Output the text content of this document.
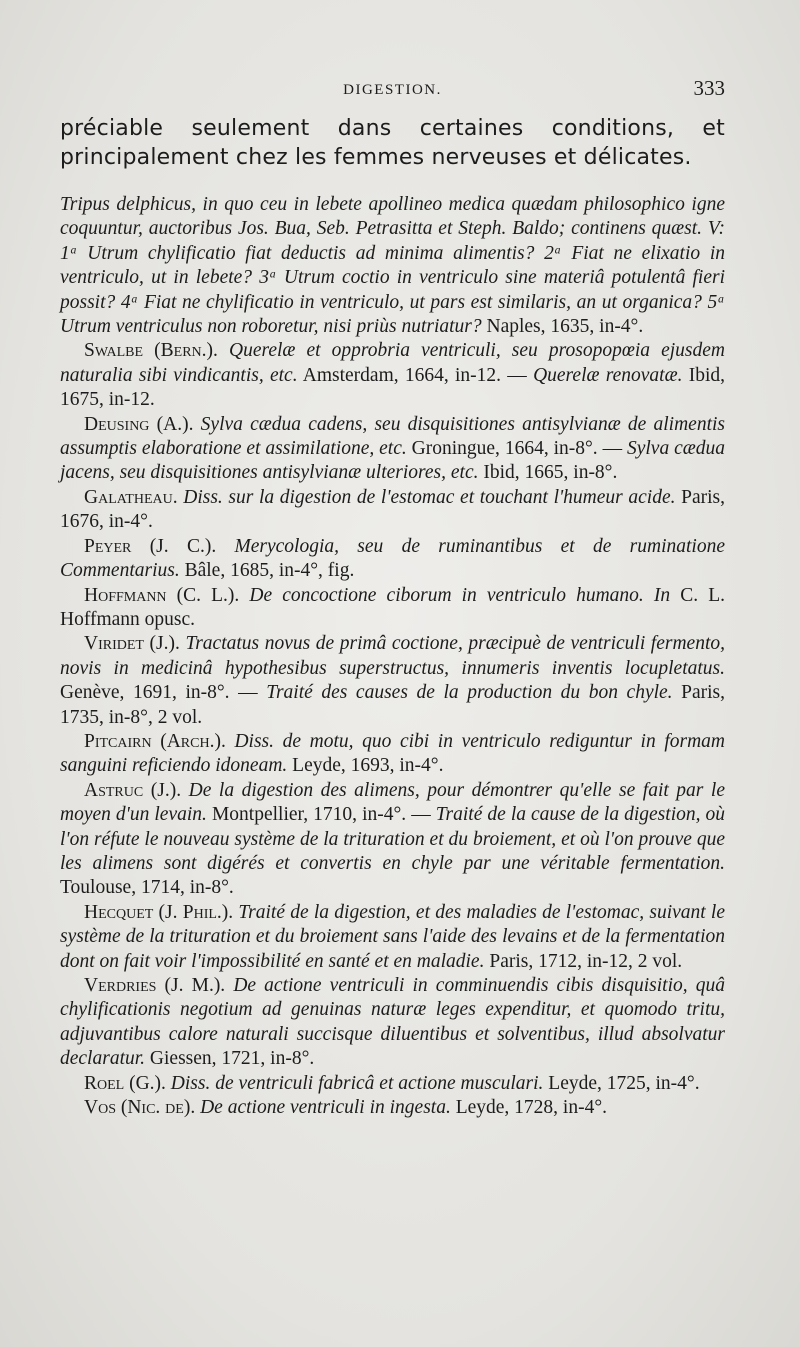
DIGESTION.	333

préciable seulement dans certaines conditions, et principalement chez les femmes nerveuses et délicates.

Tripus delphicus, in quo ceu in lebete apollineo medica quædam philosophico igne coquuntur, auctoribus Jos. Bua, Seb. Petrasitta et Steph. Baldo; continens quæst. V: 1ᵃ Utrum chylificatio fiat deductis ad minima alimentis? 2ᵃ Fiat ne elixatio in ventriculo, ut in lebete? 3ᵃ Utrum coctio in ventriculo sine materiâ potulentâ fieri possit? 4ᵃ Fiat ne chylificatio in ventriculo, ut pars est similaris, an ut organica? 5ᵃ Utrum ventriculus non roboretur, nisi priùs nutriatur? Naples, 1635, in-4°.

Swalbe (Bern.). Querelæ et opprobria ventriculi, seu prosopopœia ejusdem naturalia sibi vindicantis, etc. Amsterdam, 1664, in-12. — Querelæ renovatæ. Ibid, 1675, in-12.

Deusing (A.). Sylva cædua cadens, seu disquisitiones antisylvianæ de alimentis assumptis elaboratione et assimilatione, etc. Groningue, 1664, in-8°. — Sylva cædua jacens, seu disquisitiones antisylvianæ ulteriores, etc. Ibid, 1665, in-8°.

Galatheau. Diss. sur la digestion de l'estomac et touchant l'humeur acide. Paris, 1676, in-4°.

Peyer (J. C.). Merycologia, seu de ruminantibus et de ruminatione Commentarius. Bâle, 1685, in-4°, fig.

Hoffmann (C. L.). De concoctione ciborum in ventriculo humano. In C. L. Hoffmann opusc.

Viridet (J.). Tractatus novus de primâ coctione, præcipuè de ventriculi fermento, novis in medicinâ hypothesibus superstructus, innumeris inventis locupletatus. Genève, 1691, in-8°. — Traité des causes de la production du bon chyle. Paris, 1735, in-8°, 2 vol.

Pitcairn (Arch.). Diss. de motu, quo cibi in ventriculo rediguntur in formam sanguini reficiendo idoneam. Leyde, 1693, in-4°.

Astruc (J.). De la digestion des alimens, pour démontrer qu'elle se fait par le moyen d'un levain. Montpellier, 1710, in-4°. — Traité de la cause de la digestion, où l'on réfute le nouveau système de la trituration et du broiement, et où l'on prouve que les alimens sont digérés et convertis en chyle par une véritable fermentation. Toulouse, 1714, in-8°.

Hecquet (J. Phil.). Traité de la digestion, et des maladies de l'estomac, suivant le système de la trituration et du broiement sans l'aide des levains et de la fermentation dont on fait voir l'impossibilité en santé et en maladie. Paris, 1712, in-12, 2 vol.

Verdries (J. M.). De actione ventriculi in comminuendis cibis disquisitio, quâ chylificationis negotium ad genuinas naturæ leges expenditur, et quomodo tritu, adjuvantibus calore naturali succisque diluentibus et solventibus, illud absolvatur declaratur. Giessen, 1721, in-8°.

Roel (G.). Diss. de ventriculi fabricâ et actione musculari. Leyde, 1725, in-4°.

Vos (Nic. de). De actione ventriculi in ingesta. Leyde, 1728, in-4°.
